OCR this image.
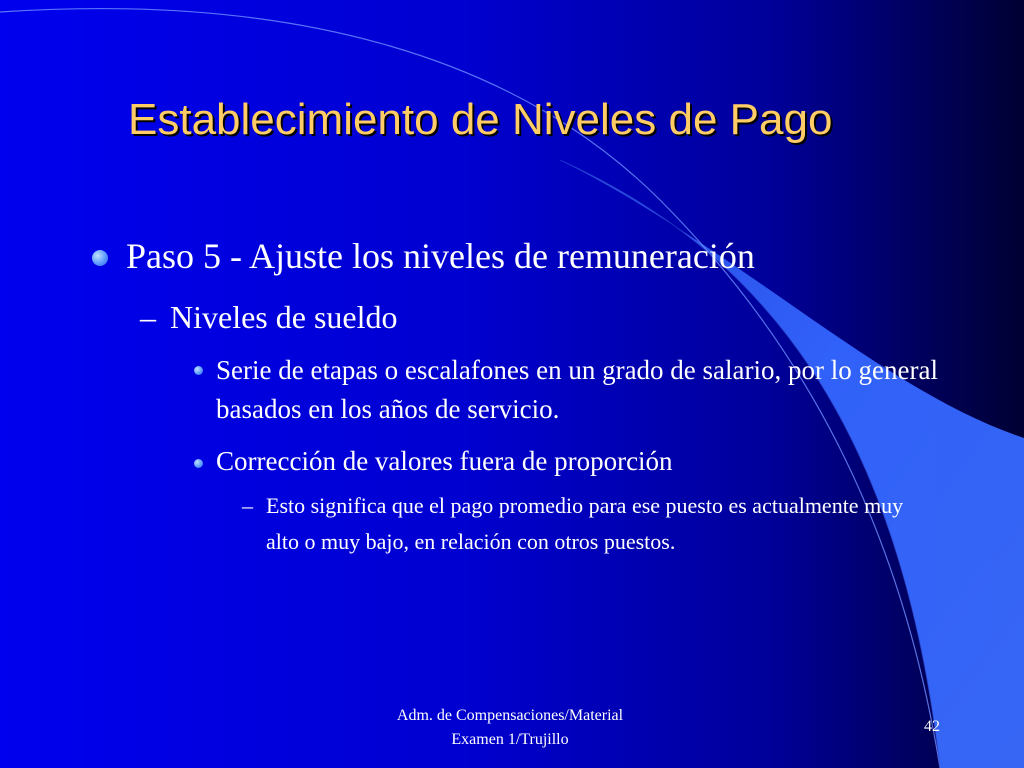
Establecimiento de Niveles de Pago
Paso 5 - Ajuste los niveles de remuneración
– Niveles de sueldo
Serie de etapas o escalafones en un grado de salario, por lo general basados en los años de servicio.
Corrección de valores fuera de proporción
– Esto significa que el pago promedio para ese puesto es actualmente muy alto o muy bajo, en relación con otros puestos.
Adm. de Compensaciones/Material
Examen 1/Trujillo
42
